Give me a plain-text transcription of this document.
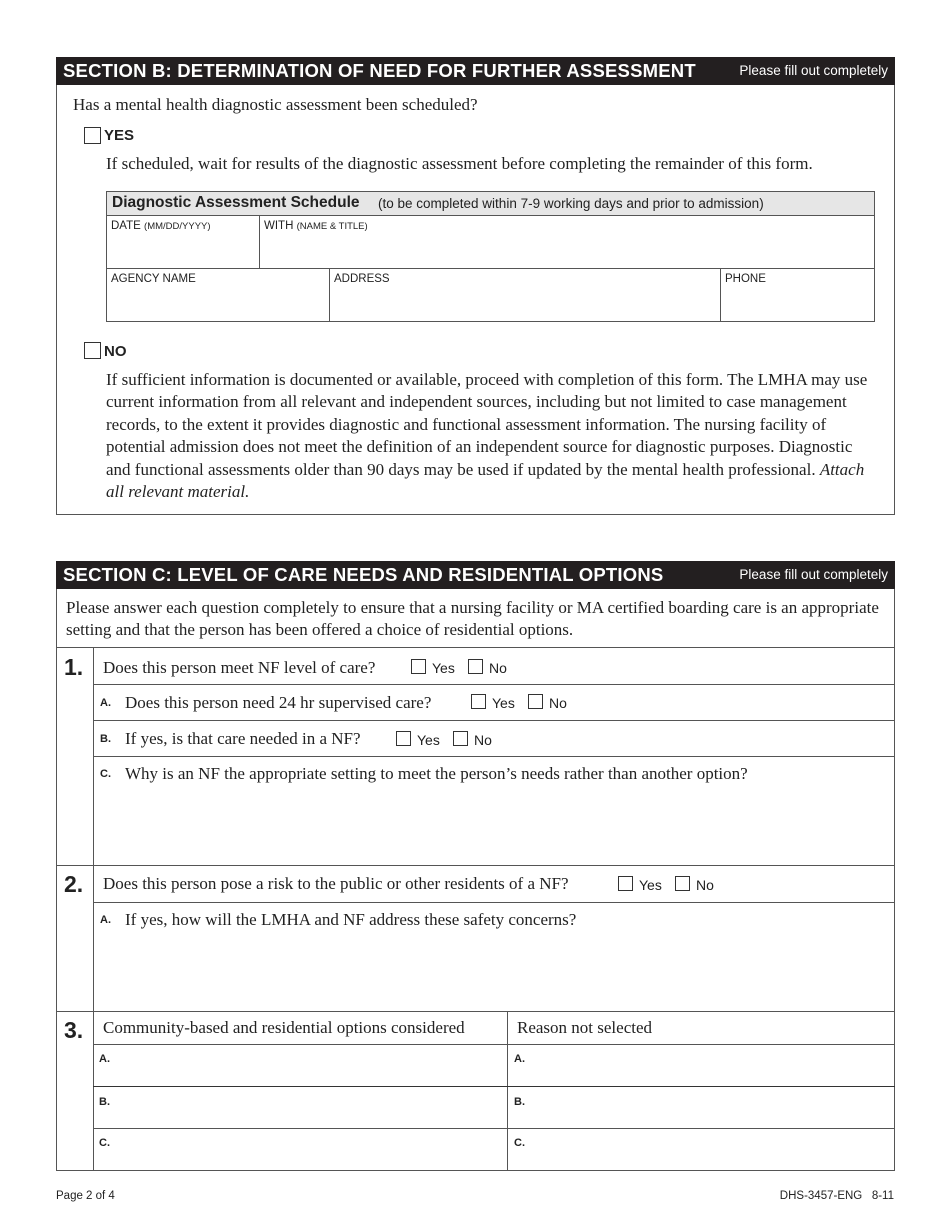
SECTION B: DETERMINATION OF NEED FOR FURTHER ASSESSMENT	Please fill out completely
Has a mental health diagnostic assessment been scheduled?
YES
If scheduled, wait for results of the diagnostic assessment before completing the remainder of this form.
Diagnostic Assessment Schedule (to be completed within 7-9 working days and prior to admission)
DATE (MM/DD/YYYY)	WITH (NAME & TITLE)
AGENCY NAME	ADDRESS	PHONE
NO
If sufficient information is documented or available, proceed with completion of this form. The LMHA may use current information from all relevant and independent sources, including but not limited to case management records, to the extent it provides diagnostic and functional assessment information. The nursing facility of potential admission does not meet the definition of an independent source for diagnostic purposes. Diagnostic and functional assessments older than 90 days may be used if updated by the mental health professional. Attach all relevant material.
SECTION C: LEVEL OF CARE NEEDS AND RESIDENTIAL OPTIONS	Please fill out completely
Please answer each question completely to ensure that a nursing facility or MA certified boarding care is an appropriate setting and that the person has been offered a choice of residential options.
1. Does this person meet NF level of care?	Yes No
A. Does this person need 24 hr supervised care?	Yes No
B. If yes, is that care needed in a NF?	Yes No
C. Why is an NF the appropriate setting to meet the person’s needs rather than another option?
2. Does this person pose a risk to the public or other residents of a NF?	Yes No
A. If yes, how will the LMHA and NF address these safety concerns?
3. Community-based and residential options considered	Reason not selected
A.	A.
B.	B.
C.	C.
Page 2 of 4	DHS-3457-ENG   8-11
